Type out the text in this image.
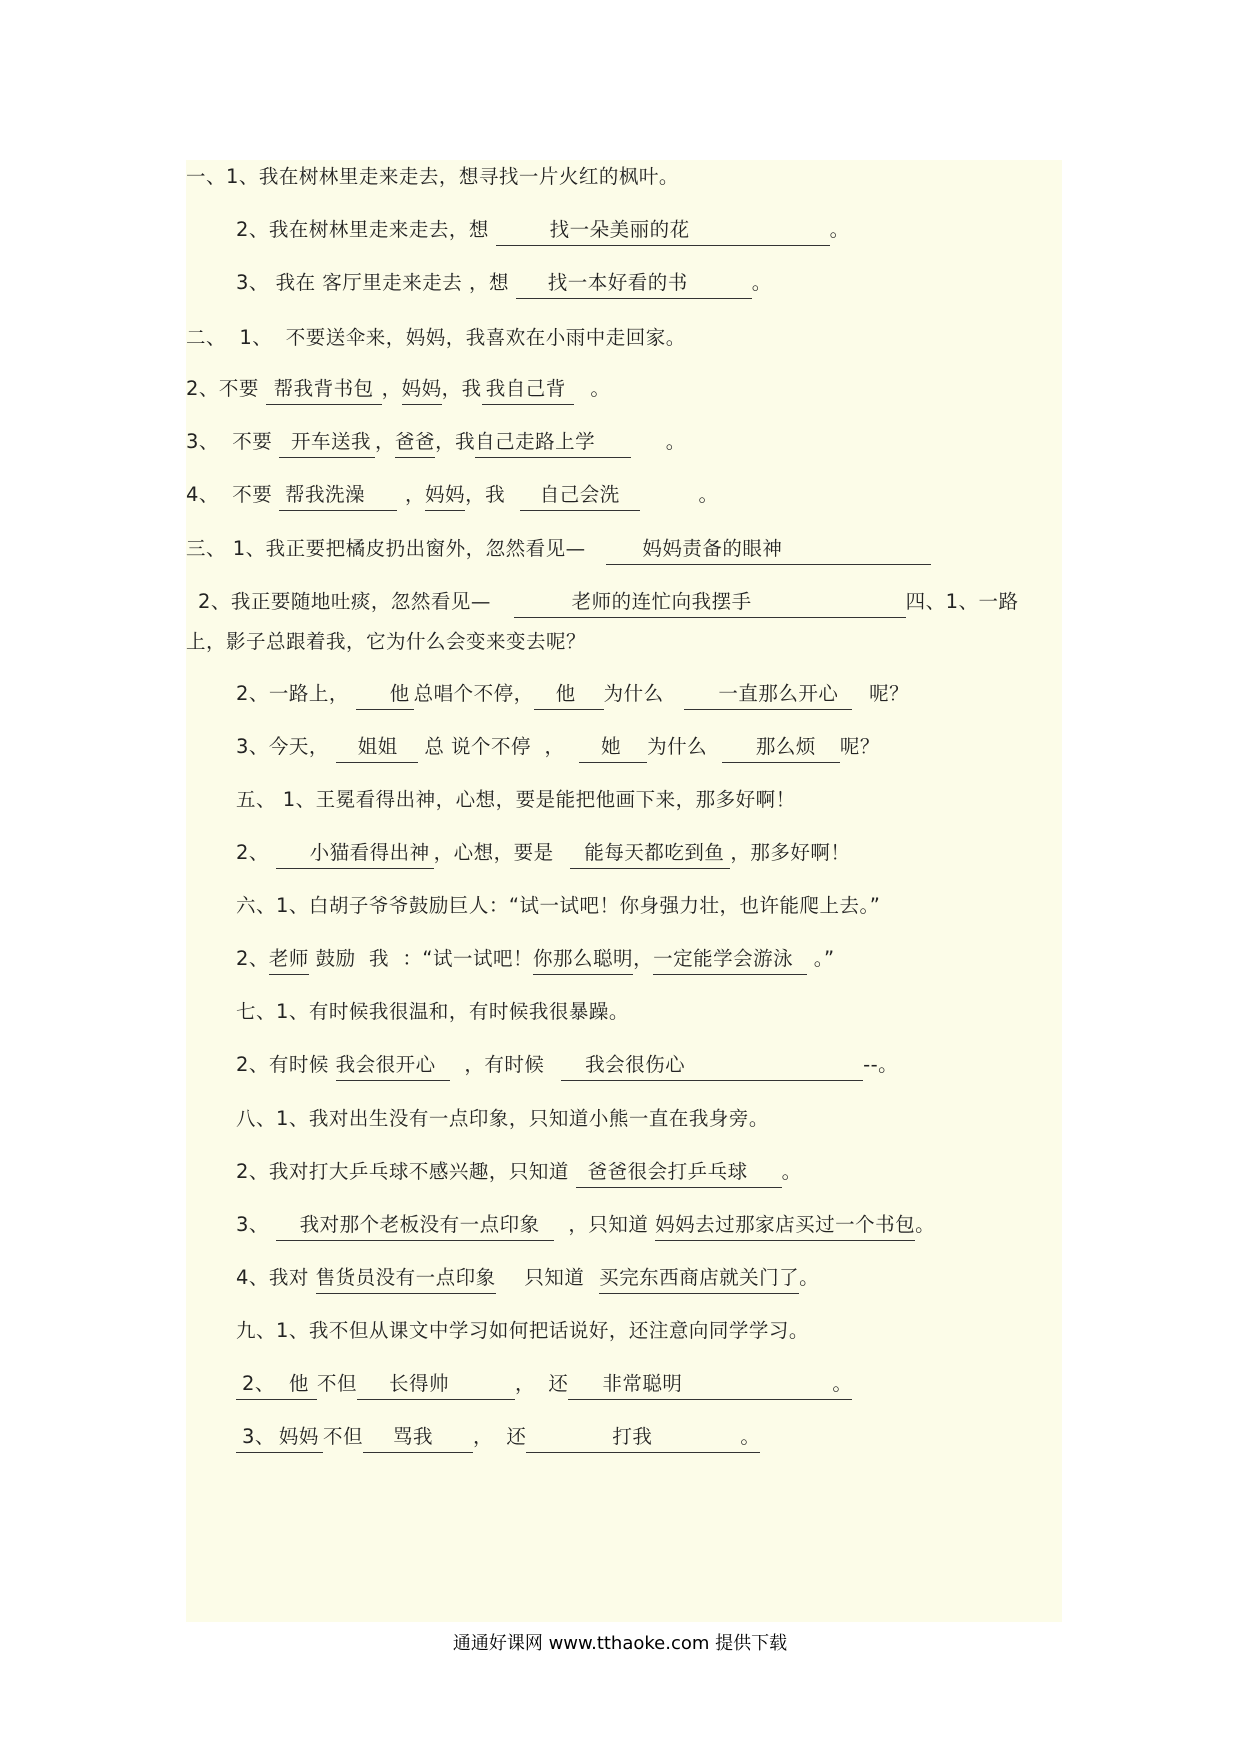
一、1、我在树林里走来走去，想寻找一片火红的枫叶。
2、我在树林里走来走去，想	找一朵美丽的花	。
3、 我在 客厅里走来走去 ，想 找一本好看的书	。
二、  1、  不要送伞来，妈妈，我喜欢在小雨中走回家。
2、不要 帮我背书包 ，妈妈，我 我自己背 。
3、  不要 开车送我 ，爸爸，我自己走路上学	。
4、  不要 帮我洗澡 ，妈妈，我 自己会洗	。
三、 1、我正要把橘皮扔出窗外，忽然看见—	妈妈责备的眼神
2、我正要随地吐痰，忽然看见—	老师的连忙向我摆手	四、1、一路
上，影子总跟着我，它为什么会变来变去呢？
2、一路上， 他 总唱个不停， 他 为什么	一直那么开心 呢？
3、今天， 姐姐 总 说个不停  ， 她 为什么 那么烦 呢？
五、 1、王冕看得出神，心想，要是能把他画下来，那多好啊！
2、 小猫看得出神 ，心想，要是 能每天都吃到鱼 ，那多好啊！
六、1、白胡子爷爷鼓励巨人：“试一试吧！你身强力壮，也许能爬上去。”
2、老师 鼓励  我  ：“试一试吧！你那么聪明，一定能学会游泳 。”
七、1、有时候我很温和，有时候我很暴躁。
2、有时候 我会很开心 ，有时候 我会很伤心	--。
八、1、我对出生没有一点印象，只知道小熊一直在我身旁。
2、我对打大乒乓球不感兴趣，只知道 爸爸很会打乒乓球 。
3、 我对那个老板没有一点印象 ，只知道 妈妈去过那家店买过一个书包。
4、我对 售货员没有一点印象 只知道 买完东西商店就关门了。
九、1、我不但从课文中学习如何把话说好，还注意向同学学习。
2、 他 不但 长得帅	，  还 非常聪明	。
3、 妈妈 不但 骂我 ，  还	打我	。
通通好课网 www.tthaoke.com 提供下载
